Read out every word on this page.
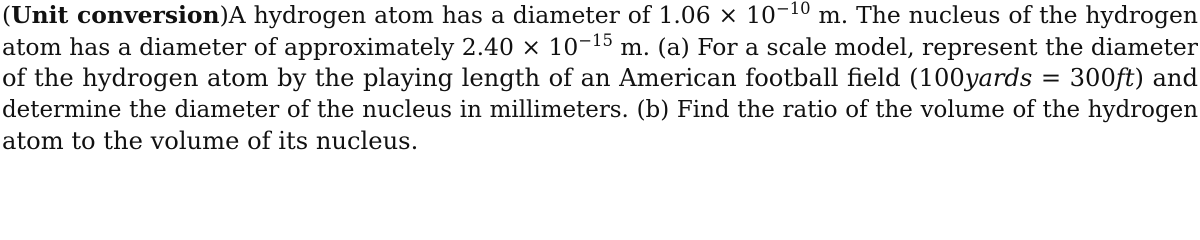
(Unit conversion)A hydrogen atom has a diameter of $1.06 \times 10^{-10}$ m. The nucleus of the hydrogen
atom has a diameter of approximately $2.40 \times 10^{-15}$ m. (a) For a scale model, represent the diameter
of the hydrogen atom by the playing length of an American football field (100yards = 300ft) and
determine the diameter of the nucleus in millimeters. (b) Find the ratio of the volume of the hydrogen
atom to the volume of its nucleus.
